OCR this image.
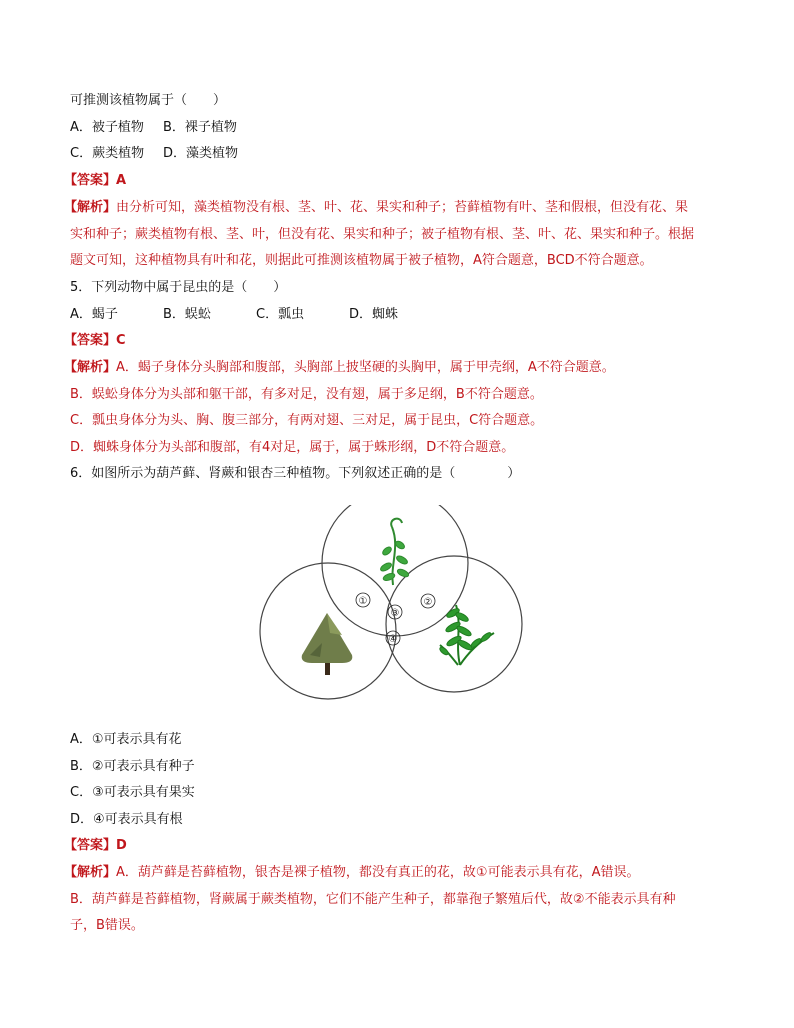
可推测该植物属于（　　）
A．被子植物 B．裸子植物
C．蕨类植物 D．藻类植物
【答案】A
【解析】由分析可知，藻类植物没有根、茎、叶、花、果实和种子；苔藓植物有叶、茎和假根，但没有花、果
实和种子；蕨类植物有根、茎、叶，但没有花、果实和种子；被子植物有根、茎、叶、花、果实和种子。根据
题文可知，这种植物具有叶和花，则据此可推测该植物属于被子植物，A符合题意，BCD不符合题意。
5．下列动物中属于昆虫的是（　　）
A．蝎子	B．蜈蚣	C．瓢虫	D．蜘蛛
【答案】C
【解析】A．蝎子身体分头胸部和腹部，头胸部上披坚硬的头胸甲，属于甲壳纲，A不符合题意。
B．蜈蚣身体分为头部和躯干部，有多对足，没有翅，属于多足纲，B不符合题意。
C．瓢虫身体分为头、胸、腹三部分，有两对翅、三对足，属于昆虫，C符合题意。
D．蜘蛛身体分为头部和腹部，有4对足，属于，属于蛛形纲，D不符合题意。
6．如图所示为葫芦藓、肾蕨和银杏三种植物。下列叙述正确的是（　　　　）
①	②
③
④
A．①可表示具有花
B．②可表示具有种子
C．③可表示具有果实
D．④可表示具有根
【答案】D
【解析】A．葫芦藓是苔藓植物，银杏是裸子植物，都没有真正的花，故①可能表示具有花，A错误。
B．葫芦藓是苔藓植物，肾蕨属于蕨类植物，它们不能产生种子，都靠孢子繁殖后代，故②不能表示具有种
子，B错误。
